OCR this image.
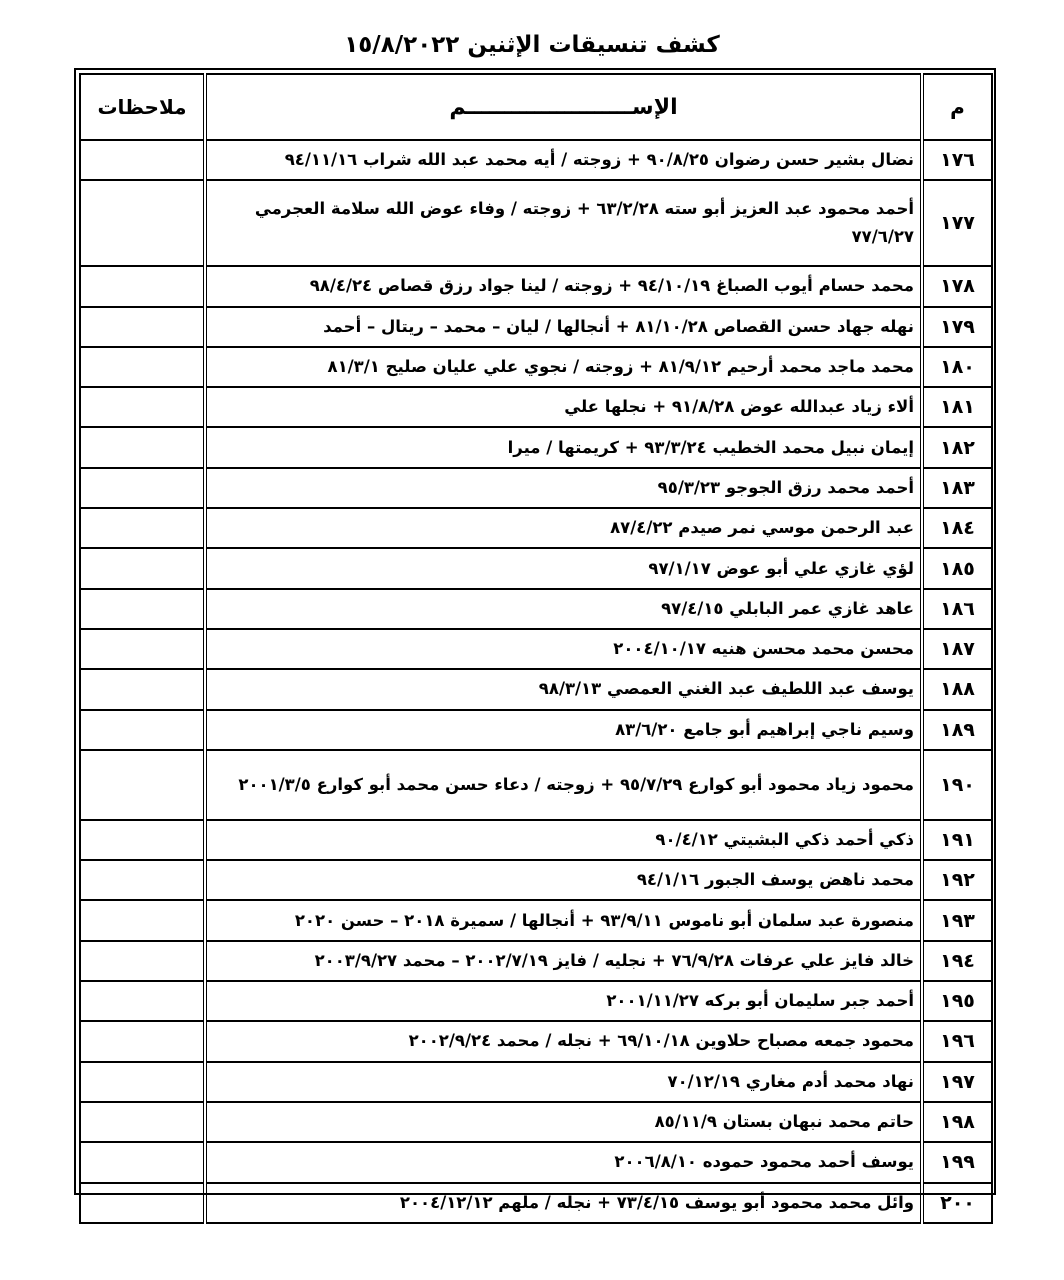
كشف تنسيقات الإثنين ١٥/٨/٢٠٢٢
م	الإســــــــــــــــــــــم	ملاحظات
١٧٦	نضال بشير حسن رضوان ٩٠/٨/٢٥ + زوجته / أيه محمد عبد الله شراب ٩٤/١١/١٦	
١٧٧	أحمد محمود عبد العزيز أبو سته ٦٣/٢/٢٨ + زوجته / وفاء عوض الله سلامة العجرمي ٧٧/٦/٢٧	
١٧٨	محمد حسام أيوب الصباغ ٩٤/١٠/١٩ + زوجته / لينا جواد رزق قصاص ٩٨/٤/٢٤	
١٧٩	نهله جهاد حسن القصاص ٨١/١٠/٢٨ + أنجالها / ليان – محمد – ريتال – أحمد	
١٨٠	محمد ماجد محمد أرحيم ٨١/٩/١٢ + زوجته / نجوي علي عليان صليح ٨١/٣/١	
١٨١	ألاء زياد عبدالله عوض ٩١/٨/٢٨ + نجلها علي	
١٨٢	إيمان نبيل محمد الخطيب ٩٣/٣/٢٤ + كريمتها / ميرا	
١٨٣	أحمد محمد رزق الجوجو ٩٥/٣/٢٣	
١٨٤	عبد الرحمن موسي نمر صيدم ٨٧/٤/٢٢	
١٨٥	لؤي غازي علي أبو عوض ٩٧/١/١٧	
١٨٦	عاهد غازي عمر البابلي ٩٧/٤/١٥	
١٨٧	محسن محمد محسن هنيه ٢٠٠٤/١٠/١٧	
١٨٨	يوسف عبد اللطيف عبد الغني العمصي ٩٨/٣/١٣	
١٨٩	وسيم ناجي إبراهيم أبو جامع ٨٣/٦/٢٠	
١٩٠	محمود زياد محمود أبو كوارع ٩٥/٧/٢٩ + زوجته / دعاء حسن محمد أبو كوارع ٢٠٠١/٣/٥	
١٩١	ذكي أحمد ذكي البشيتي ٩٠/٤/١٢	
١٩٢	محمد ناهض يوسف الجبور ٩٤/١/١٦	
١٩٣	منصورة عبد سلمان أبو ناموس ٩٣/٩/١١ + أنجالها / سميرة ٢٠١٨ – حسن ٢٠٢٠	
١٩٤	خالد فايز علي عرفات ٧٦/٩/٢٨ + نجليه / فايز ٢٠٠٢/٧/١٩ – محمد ٢٠٠٣/٩/٢٧	
١٩٥	أحمد جبر سليمان أبو بركه ٢٠٠١/١١/٢٧	
١٩٦	محمود جمعه مصباح حلاوين ٦٩/١٠/١٨ + نجله / محمد ٢٠٠٢/٩/٢٤	
١٩٧	نهاد محمد أدم مغاري ٧٠/١٢/١٩	
١٩٨	حاتم محمد نبهان بستان ٨٥/١١/٩	
١٩٩	يوسف أحمد محمود حموده ٢٠٠٦/٨/١٠	
٢٠٠	وائل محمد محمود أبو يوسف ٧٣/٤/١٥ + نجله / ملهم ٢٠٠٤/١٢/١٢	
